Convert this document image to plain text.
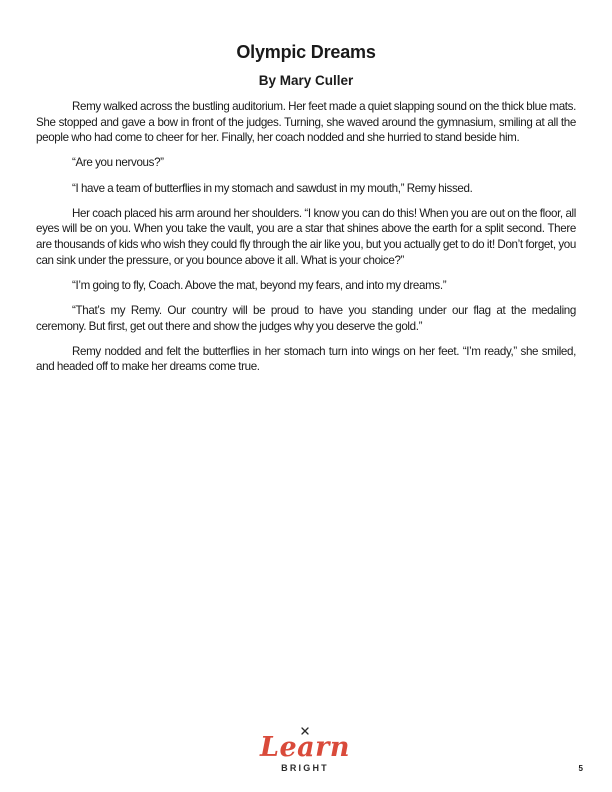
Olympic Dreams
By Mary Culler

Remy walked across the bustling auditorium. Her feet made a quiet slapping sound on the thick blue mats. She stopped and gave a bow in front of the judges. Turning, she waved around the gymnasium, smiling at all the people who had come to cheer for her. Finally, her coach nodded and she hurried to stand beside him.

“Are you nervous?”

“I have a team of butterflies in my stomach and sawdust in my mouth,” Remy hissed.

Her coach placed his arm around her shoulders. “I know you can do this! When you are out on the floor, all eyes will be on you. When you take the vault, you are a star that shines above the earth for a split second. There are thousands of kids who wish they could fly through the air like you, but you actually get to do it! Don’t forget, you can sink under the pressure, or you bounce above it all. What is your choice?”

“I’m going to fly, Coach. Above the mat, beyond my fears, and into my dreams.”

“That’s my Remy. Our country will be proud to have you standing under our flag at the medaling ceremony. But first, get out there and show the judges why you deserve the gold.”

Remy nodded and felt the butterflies in her stomach turn into wings on her feet. “I’m ready,” she smiled, and headed off to make her dreams come true.

Learn
BRIGHT	5
